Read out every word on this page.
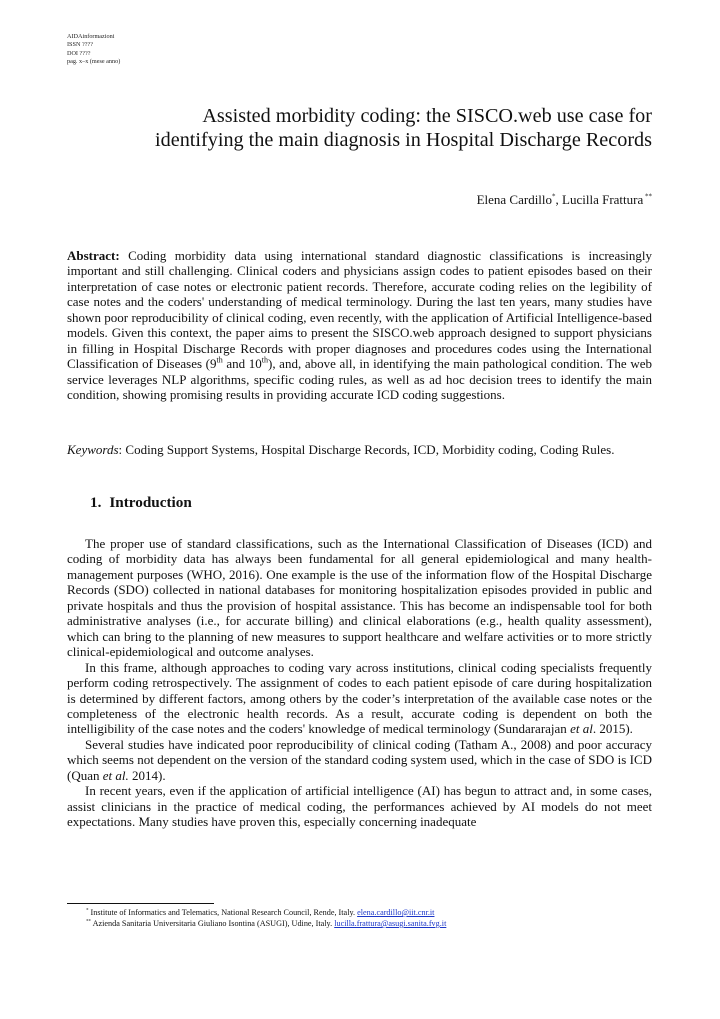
AIDAinformazioni
ISSN ????
DOI ????
pag. x–x (mese anno)
Assisted morbidity coding: the SISCO.web use case for
identifying the main diagnosis in Hospital Discharge Records
Elena Cardillo*, Lucilla Frattura **
Abstract: Coding morbidity data using international standard diagnostic classifications is increasingly important and still challenging. Clinical coders and physicians assign codes to patient episodes based on their interpretation of case notes or electronic patient records. Therefore, accurate coding relies on the legibility of case notes and the coders' understanding of medical terminology. During the last ten years, many studies have shown poor reproducibility of clinical coding, even recently, with the application of Artificial Intelligence-based models. Given this context, the paper aims to present the SISCO.web approach designed to support physicians in filling in Hospital Discharge Records with proper diagnoses and procedures codes using the International Classification of Diseases (9th and 10th), and, above all, in identifying the main pathological condition. The web service leverages NLP algorithms, specific coding rules, as well as ad hoc decision trees to identify the main condition, showing promising results in providing accurate ICD coding suggestions.
Keywords: Coding Support Systems, Hospital Discharge Records, ICD, Morbidity coding, Coding Rules.
1. Introduction

The proper use of standard classifications, such as the International Classification of Diseases (ICD) and coding of morbidity data has always been fundamental for all general epidemiological and many health-management purposes (WHO, 2016). One example is the use of the information flow of the Hospital Discharge Records (SDO) collected in national databases for monitoring hospitalization episodes provided in public and private hospitals and thus the provision of hospital assistance. This has become an indispensable tool for both administrative analyses (i.e., for accurate billing) and clinical elaborations (e.g., health quality assessment), which can bring to the planning of new measures to support healthcare and welfare activities or to more strictly clinical-epidemiological and outcome analyses.

In this frame, although approaches to coding vary across institutions, clinical coding specialists frequently perform coding retrospectively. The assignment of codes to each patient episode of care during hospitalization is determined by different factors, among others by the coder’s interpretation of the available case notes or the completeness of the electronic health records. As a result, accurate coding is dependent on both the intelligibility of the case notes and the coders' knowledge of medical terminology (Sundararajan et al. 2015).

Several studies have indicated poor reproducibility of clinical coding (Tatham A., 2008) and poor accuracy which seems not dependent on the version of the standard coding system used, which in the case of SDO is ICD (Quan et al. 2014).

In recent years, even if the application of artificial intelligence (AI) has begun to attract and, in some cases, assist clinicians in the practice of medical coding, the performances achieved by AI models do not meet expectations. Many studies have proven this, especially concerning inadequate

* Institute of Informatics and Telematics, National Research Council, Rende, Italy. elena.cardillo@iit.cnr.it
** Azienda Sanitaria Universitaria Giuliano Isontina (ASUGI), Udine, Italy. lucilla.frattura@asugi.sanita.fvg.it
